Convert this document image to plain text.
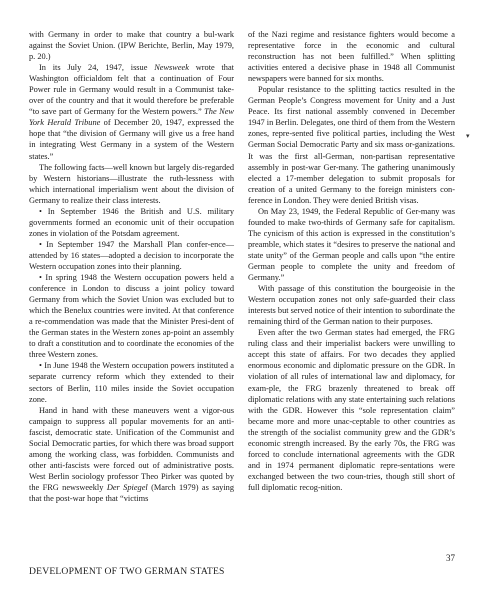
with Germany in order to make that country a bul-wark against the Soviet Union. (IPW Berichte, Berlin, May 1979, p. 20.)

In its July 24, 1947, issue Newsweek wrote that Washington officialdom felt that a continuation of Four Power rule in Germany would result in a Communist take-over of the country and that it would therefore be preferable “to save part of Germany for the Western powers.” The New York Herald Tribune of December 20, 1947, expressed the hope that “the division of Germany will give us a free hand in integrating West Germany in a system of the Western states.”

The following facts—well known but largely dis-regarded by Western historians—illustrate the ruth-lessness with which international imperialism went about the division of Germany to realize their class interests.

• In September 1946 the British and U.S. military governments formed an economic unit of their occupation zones in violation of the Potsdam agreement.

• In September 1947 the Marshall Plan confer-ence—attended by 16 states—adopted a decision to incorporate the Western occupation zones into their planning.

• In spring 1948 the Western occupation powers held a conference in London to discuss a joint policy toward Germany from which the Soviet Union was excluded but to which the Benelux countries were invited. At that conference a re-commendation was made that the Minister Presi-dent of the German states in the Western zones ap-point an assembly to draft a constitution and to coordinate the economies of the three Western zones.

• In June 1948 the Western occupation powers instituted a separate currency reform which they extended to their sectors of Berlin, 110 miles inside the Soviet occupation zone.

Hand in hand with these maneuvers went a vigor-ous campaign to suppress all popular movements for an anti-fascist, democratic state. Unification of the Communist and Social Democratic parties, for which there was broad support among the working class, was forbidden. Communists and other anti-fascists were forced out of administrative posts. West Berlin sociology professor Theo Pirker was quoted by the FRG newsweekly Der Spiegel (March 1979) as saying that the post-war hope that “victims

of the Nazi regime and resistance fighters would become a representative force in the economic and cultural reconstruction has not been fulfilled.” When splitting activities entered a decisive phase in 1948 all Communist newspapers were banned for six months.

Popular resistance to the splitting tactics resulted in the German People’s Congress movement for Unity and a Just Peace. Its first national assembly convened in December 1947 in Berlin. Delegates, one third of them from the Western zones, repre-sented five political parties, including the West German Social Democratic Party and six mass or-ganizations. It was the first all-German, non-partisan representative assembly in post-war Ger-many. The gathering unanimously elected a 17-member delegation to submit proposals for creation of a united Germany to the foreign ministers con-ference in London. They were denied British visas.

On May 23, 1949, the Federal Republic of Ger-many was founded to make two-thirds of Germany safe for capitalism. The cynicism of this action is expressed in the constitution’s preamble, which states it “desires to preserve the national and state unity” of the German people and calls upon “the entire German people to complete the unity and freedom of Germany.”

With passage of this constitution the bourgeoisie in the Western occupation zones not only safe-guarded their class interests but served notice of their intention to subordinate the remaining third of the German nation to their purposes.

Even after the two German states had emerged, the FRG ruling class and their imperialist backers were unwilling to accept this state of affairs. For two decades they applied enormous economic and diplomatic pressure on the GDR. In violation of all rules of international law and diplomacy, for exam-ple, the FRG brazenly threatened to break off diplomatic relations with any state entertaining such relations with the GDR. However this “sole representation claim” became more and more unac-ceptable to other countries as the strength of the socialist community grew and the GDR’s economic strength increased. By the early 70s, the FRG was forced to conclude international agreements with the GDR and in 1974 permanent diplomatic repre-sentations were exchanged between the two coun-tries, though still short of full diplomatic recog-nition.

▾
37
DEVELOPMENT OF TWO GERMAN STATES
